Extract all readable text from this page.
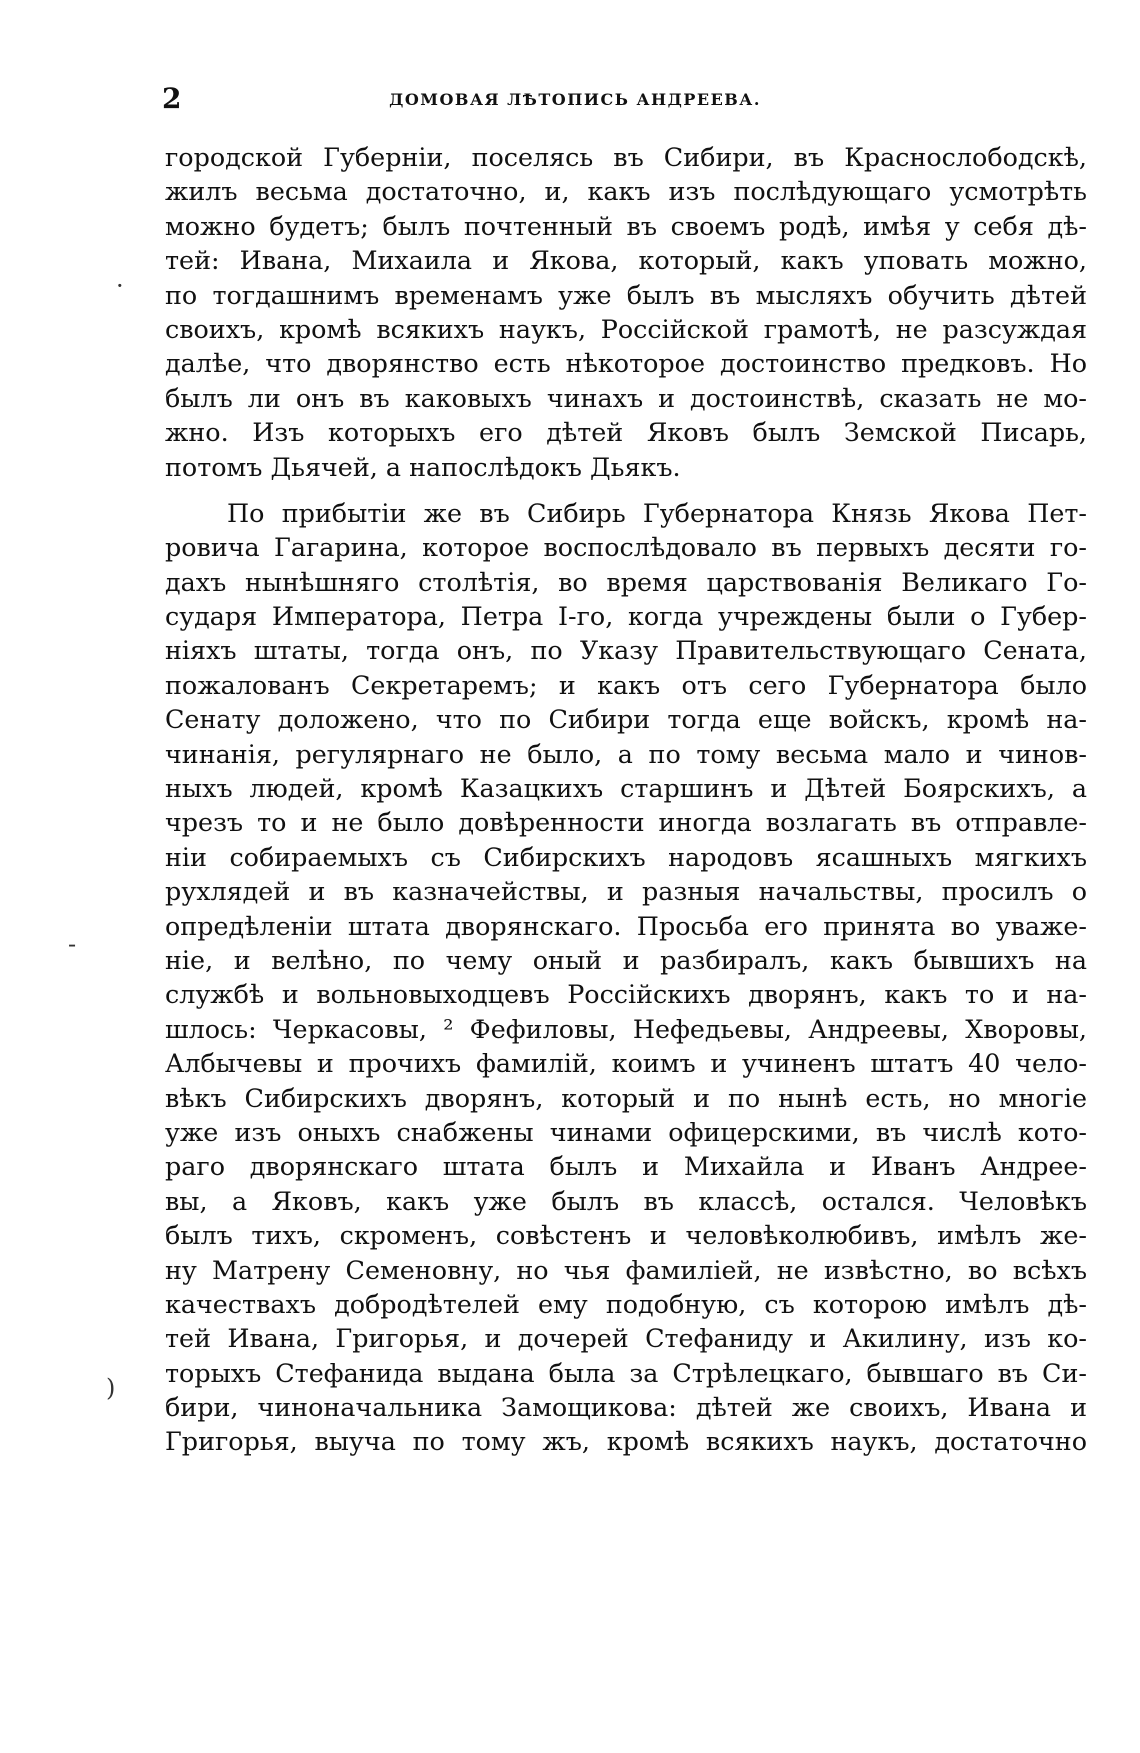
2	ДОМОВАЯ ЛѢТОПИСЬ АНДРЕЕВА.
городской Губерніи, поселясь въ Сибири, въ Краснослободскѣ,
жилъ весьма достаточно, и, какъ изъ послѣдующаго усмотрѣть
можно будетъ; былъ почтенный въ своемъ родѣ, имѣя у себя дѣ-
тей: Ивана, Михаила и Якова, который, какъ уповать можно,
по тогдашнимъ временамъ уже былъ въ мысляхъ обучить дѣтей
своихъ, кромѣ всякихъ наукъ, Россійской грамотѣ, не разсуждая
далѣе, что дворянство есть нѣкоторое достоинство предковъ. Но
былъ ли онъ въ каковыхъ чинахъ и достоинствѣ, сказать не мо-
жно. Изъ которыхъ его дѣтей Яковъ былъ Земской Писарь,
потомъ Дьячей, а напослѣдокъ Дьякъ.
По прибытіи же въ Сибирь Губернатора Князь Якова Пет-
ровича Гагарина, которое воспослѣдовало въ первыхъ десяти го-
дахъ нынѣшняго столѣтія, во время царствованія Великаго Го-
сударя Императора, Петра І-го, когда учреждены были о Губер-
ніяхъ штаты, тогда онъ, по Указу Правительствующаго Сената,
пожалованъ Секретаремъ; и какъ отъ сего Губернатора было
Сенату доложено, что по Сибири тогда еще войскъ, кромѣ на-
чинанія, регулярнаго не было, а по тому весьма мало и чинов-
ныхъ людей, кромѣ Казацкихъ старшинъ и Дѣтей Боярскихъ, а
чрезъ то и не было довѣренности иногда возлагать въ отправле-
ніи собираемыхъ съ Сибирскихъ народовъ ясашныхъ мягкихъ
рухлядей и въ казначействы, и разныя начальствы, просилъ о
опредѣленіи штата дворянскаго. Просьба его принята во уваже-
ніе, и велѣно, по чему оный и разбиралъ, какъ бывшихъ на
службѣ и вольновыходцевъ Россійскихъ дворянъ, какъ то и на-
шлось: Черкасовы, ² Фефиловы, Нефедьевы, Андреевы, Хворовы,
Албычевы и прочихъ фамилій, коимъ и учиненъ штатъ 40 чело-
вѣкъ Сибирскихъ дворянъ, который и по нынѣ есть, но многіе
уже изъ оныхъ снабжены чинами офицерскими, въ числѣ кото-
раго дворянскаго штата былъ и Михайла и Иванъ Андрее-
вы, а Яковъ, какъ уже былъ въ классѣ, остался. Человѣкъ
былъ тихъ, скроменъ, совѣстенъ и человѣколюбивъ, имѣлъ же-
ну Матрену Семеновну, но чья фамиліей, не извѣстно, во всѣхъ
качествахъ добродѣтелей ему подобную, съ которою имѣлъ дѣ-
тей Ивана, Григорья, и дочерей Стефаниду и Акилину, изъ ко-
торыхъ Стефанида выдана была за Стрѣлецкаго, бывшаго въ Си-
бири, чиноначальника Замощикова: дѣтей же своихъ, Ивана и
Григорья, выуча по тому жъ, кромѣ всякихъ наукъ, достаточно
·
-
)
